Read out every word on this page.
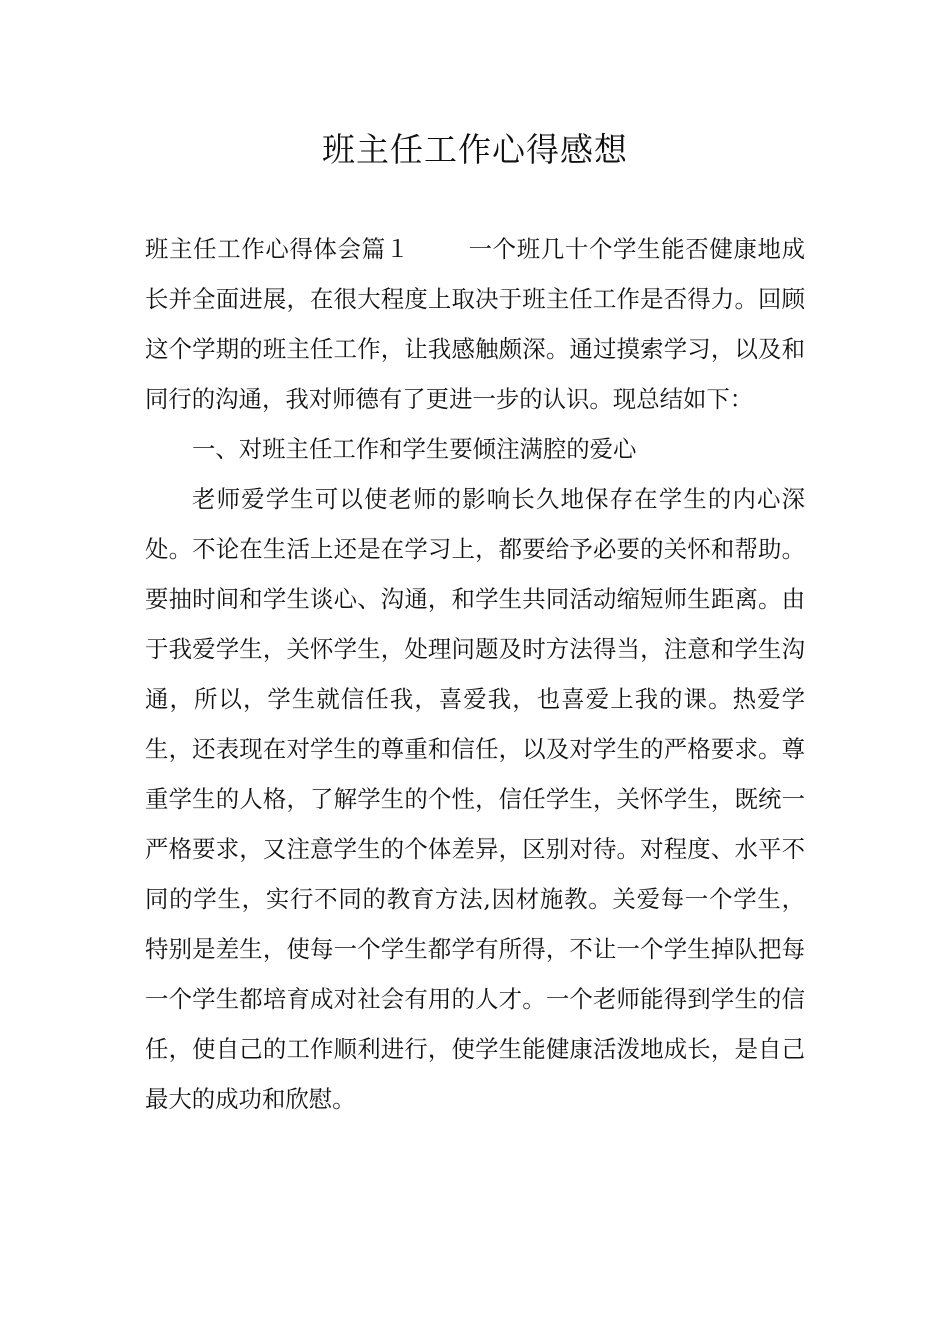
班主任工作心得感想

班主任工作心得体会篇１ 一个班几十个学生能否健康地成长并全面进展，在很大程度上取决于班主任工作是否得力。回顾这个学期的班主任工作，让我感触颇深。通过摸索学习，以及和同行的沟通，我对师德有了更进一步的认识。现总结如下：

一、对班主任工作和学生要倾注满腔的爱心

老师爱学生可以使老师的影响长久地保存在学生的内心深处。不论在生活上还是在学习上，都要给予必要的关怀和帮助。要抽时间和学生谈心、沟通，和学生共同活动缩短师生距离。由于我爱学生，关怀学生，处理问题及时方法得当，注意和学生沟通，所以，学生就信任我，喜爱我，也喜爱上我的课。热爱学生，还表现在对学生的尊重和信任，以及对学生的严格要求。尊重学生的人格，了解学生的个性，信任学生，关怀学生，既统一严格要求，又注意学生的个体差异，区别对待。对程度、水平不同的学生，实行不同的教育方法,因材施教。关爱每一个学生，特别是差生，使每一个学生都学有所得，不让一个学生掉队把每一个学生都培育成对社会有用的人才。一个老师能得到学生的信任，使自己的工作顺利进行，使学生能健康活泼地成长，是自己最大的成功和欣慰。
